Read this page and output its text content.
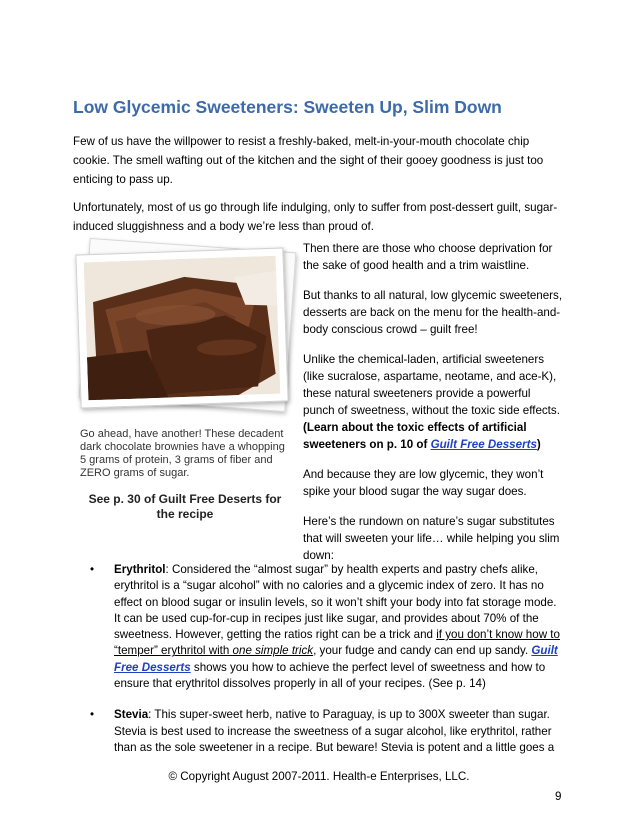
Low Glycemic Sweeteners: Sweeten Up, Slim Down
Few of us have the willpower to resist a freshly-baked, melt-in-your-mouth chocolate chip cookie. The smell wafting out of the kitchen and the sight of their gooey goodness is just too enticing to pass up.
Unfortunately, most of us go through life indulging, only to suffer from post-dessert guilt, sugar-induced sluggishness and a body we’re less than proud of.
Go ahead, have another! These decadent dark chocolate brownies have a whopping 5 grams of protein, 3 grams of fiber and ZERO grams of sugar.
See p. 30 of Guilt Free Deserts for the recipe

Then there are those who choose deprivation for the sake of good health and a trim waistline.

But thanks to all natural, low glycemic sweeteners, desserts are back on the menu for the health-and-body conscious crowd – guilt free!

Unlike the chemical-laden, artificial sweeteners (like sucralose, aspartame, neotame, and ace-K), these natural sweeteners provide a powerful punch of sweetness, without the toxic side effects. (Learn about the toxic effects of artificial sweeteners on p. 10 of Guilt Free Desserts)

And because they are low glycemic, they won’t spike your blood sugar the way sugar does.

Here’s the rundown on nature’s sugar substitutes that will sweeten your life… while helping you slim down:

• Erythritol: Considered the “almost sugar” by health experts and pastry chefs alike, erythritol is a “sugar alcohol” with no calories and a glycemic index of zero. It has no effect on blood sugar or insulin levels, so it won’t shift your body into fat storage mode. It can be used cup-for-cup in recipes just like sugar, and provides about 70% of the sweetness. However, getting the ratios right can be a trick and if you don’t know how to “temper” erythritol with one simple trick, your fudge and candy can end up sandy. Guilt Free Desserts shows you how to achieve the perfect level of sweetness and how to ensure that erythritol dissolves properly in all of your recipes. (See p. 14)
• Stevia: This super-sweet herb, native to Paraguay, is up to 300X sweeter than sugar. Stevia is best used to increase the sweetness of a sugar alcohol, like erythritol, rather than as the sole sweetener in a recipe. But beware! Stevia is potent and a little goes a
© Copyright August 2007-2011. Health-e Enterprises, LLC.
9
